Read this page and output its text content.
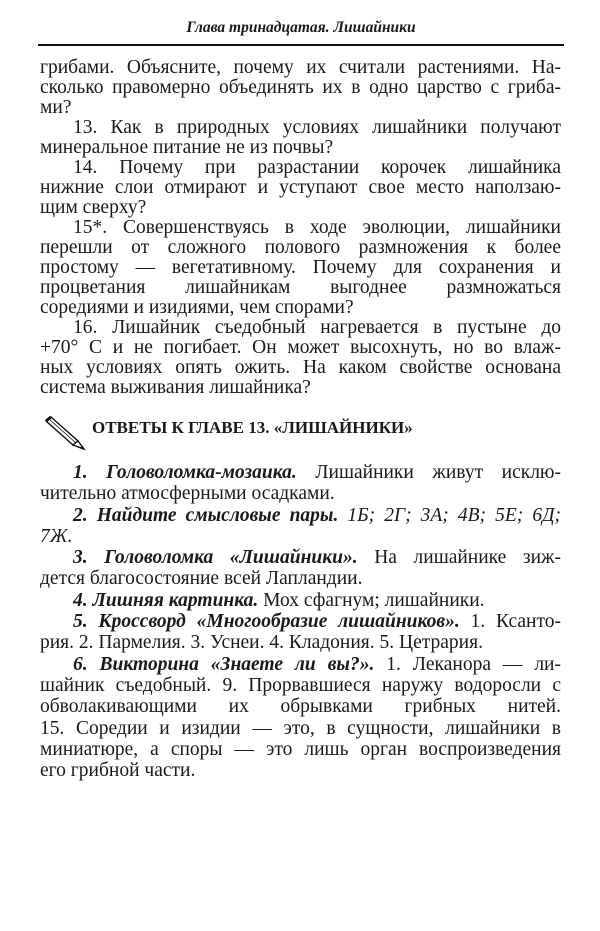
Глава тринадцатая. Лишайники
грибами. Объясните, почему их считали растениями. На-
сколько правомерно объединять их в одно царство с гриба-
ми?
13. Как в природных условиях лишайники получают
минеральное питание не из почвы?
14. Почему при разрастании корочек лишайника
нижние слои отмирают и уступают свое место наползаю-
щим сверху?
15*. Совершенствуясь в ходе эволюции, лишайники
перешли от сложного полового размножения к более
простому — вегетативному. Почему для сохранения и
процветания лишайникам выгоднее размножаться
соредиями и изидиями, чем спорами?
16. Лишайник съедобный нагревается в пустыне до
+70° С и не погибает. Он может высохнуть, но во влаж-
ных условиях опять ожить. На каком свойстве основана
система выживания лишайника?
ОТВЕТЫ К ГЛАВЕ 13. «ЛИШАЙНИКИ»
1. Головоломка-мозаика. Лишайники живут исклю-
чительно атмосферными осадками.
2. Найдите смысловые пары. 1Б; 2Г; 3А; 4В; 5Е; 6Д;
7Ж.
3. Головоломка «Лишайники». На лишайнике зиж-
дется благосостояние всей Лапландии.
4. Лишняя картинка. Мох сфагнум; лишайники.
5. Кроссворд «Многообразие лишайников». 1. Ксанто-
рия. 2. Пармелия. 3. Уснеи. 4. Кладония. 5. Цетрария.
6. Викторина «Знаете ли вы?». 1. Леканора — ли-
шайник съедобный. 9. Прорвавшиеся наружу водоросли с
обволакивающими их обрывками грибных нитей.
15. Соредии и изидии — это, в сущности, лишайники в
миниатюре, а споры — это лишь орган воспроизведения
его грибной части.
